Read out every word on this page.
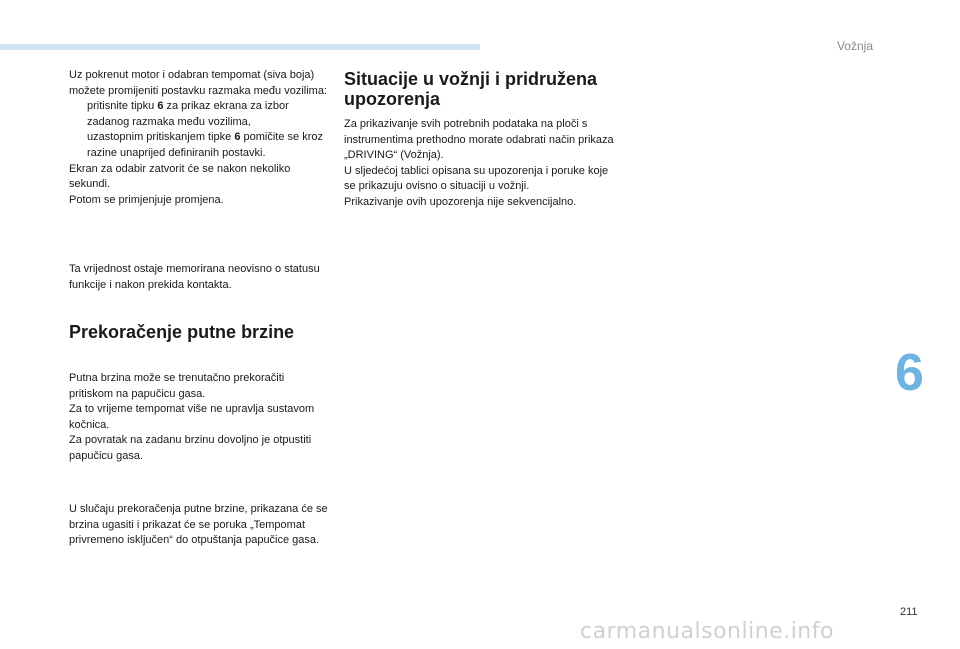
Vožnja
6

Uz pokrenut motor i odabran tempomat (siva boja) možete promijeniti postavku razmaka među vozilima:

pritisnite tipku 6 za prikaz ekrana za izbor zadanog razmaka među vozilima,
uzastopnim pritiskanjem tipke 6 pomičite se kroz razine unaprijed definiranih postavki.

Ekran za odabir zatvorit će se nakon nekoliko sekundi.

Potom se primjenjuje promjena.

Ta vrijednost ostaje memorirana neovisno o statusu funkcije i nakon prekida kontakta.

Prekoračenje putne brzine

Putna brzina može se trenutačno prekoračiti pritiskom na papučicu gasa.

Za to vrijeme tempomat više ne upravlja sustavom kočnica.

Za povratak na zadanu brzinu dovoljno je otpustiti papučicu gasa.

U slučaju prekoračenja putne brzine, prikazana će se brzina ugasiti i prikazat će se poruka „Tempomat privremeno isključen“ do otpuštanja papučice gasa.

Situacije u vožnji i pridružena upozorenja

Za prikazivanje svih potrebnih podataka na ploči s instrumentima prethodno morate odabrati način prikaza „DRIVING“ (Vožnja).

U sljedećoj tablici opisana su upozorenja i poruke koje se prikazuju ovisno o situaciji u vožnji.

Prikazivanje ovih upozorenja nije sekvencijalno.

211
carmanualsonline.info
